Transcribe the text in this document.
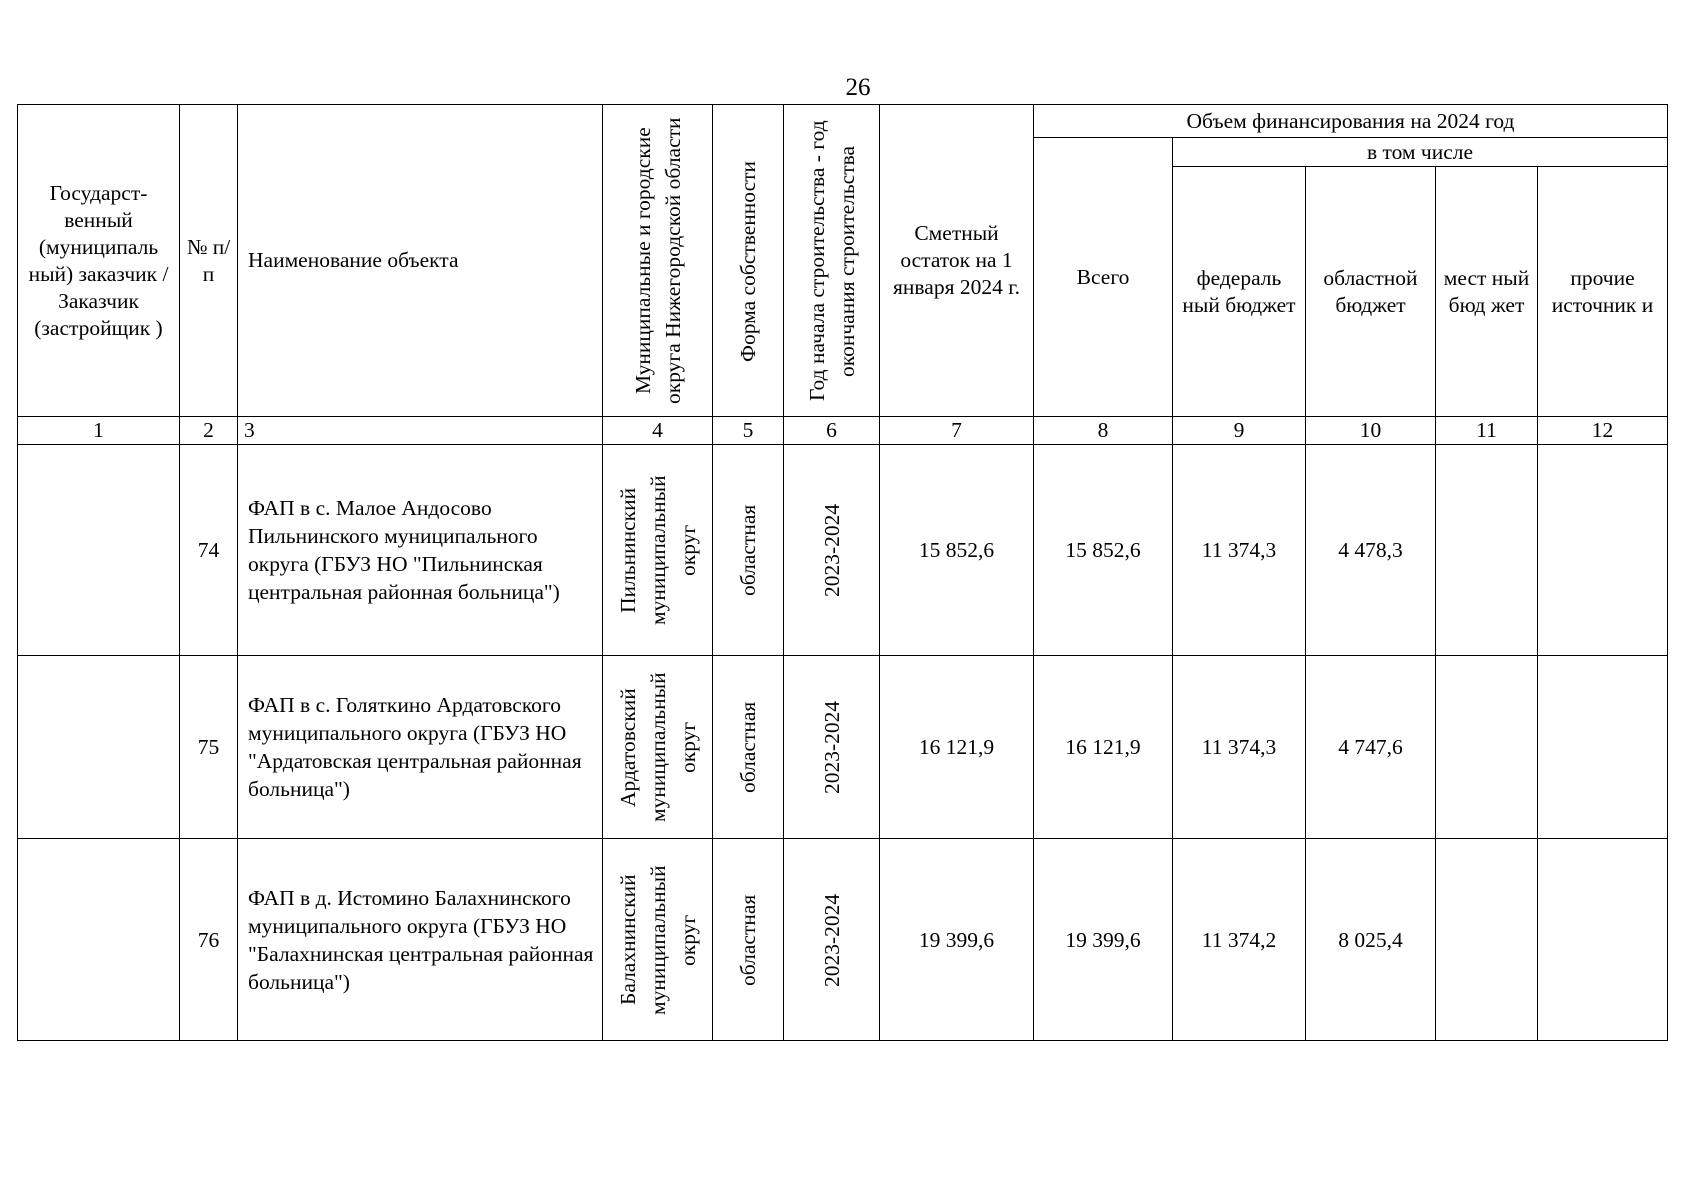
26
Государст-венный (муниципаль ный) заказчик / Заказчик (застройщик )	№ п/п	Наименование объекта	Муниципальные и городские округа Нижегородской области	Форма собственности	Год начала строительства - год окончания строительства	Сметный остаток на 1 января 2024 г.	Объем финансирования на 2024 год				
							Всего	в том числе			
								федераль ный бюджет	областной бюджет	мест ный бюд жет	прочие источник и
1	2	3	4	5	6	7	8	9	10	11	12
	74	ФАП в с. Малое Андосово Пильнинского муниципального округа (ГБУЗ НО "Пильнинская центральная районная больница")	Пильнинский муниципальный округ	областная	2023-2024	15 852,6	15 852,6	11 374,3	4 478,3		
	75	ФАП в с. Голяткино Ардатовского муниципального округа (ГБУЗ НО "Ардатовская центральная районная больница")	Ардатовский муниципальный округ	областная	2023-2024	16 121,9	16 121,9	11 374,3	4 747,6		
	76	ФАП в д. Истомино Балахнинского муниципального округа (ГБУЗ НО "Балахнинская центральная районная больница")	Балахнинский муниципальный округ	областная	2023-2024	19 399,6	19 399,6	11 374,2	8 025,4		
